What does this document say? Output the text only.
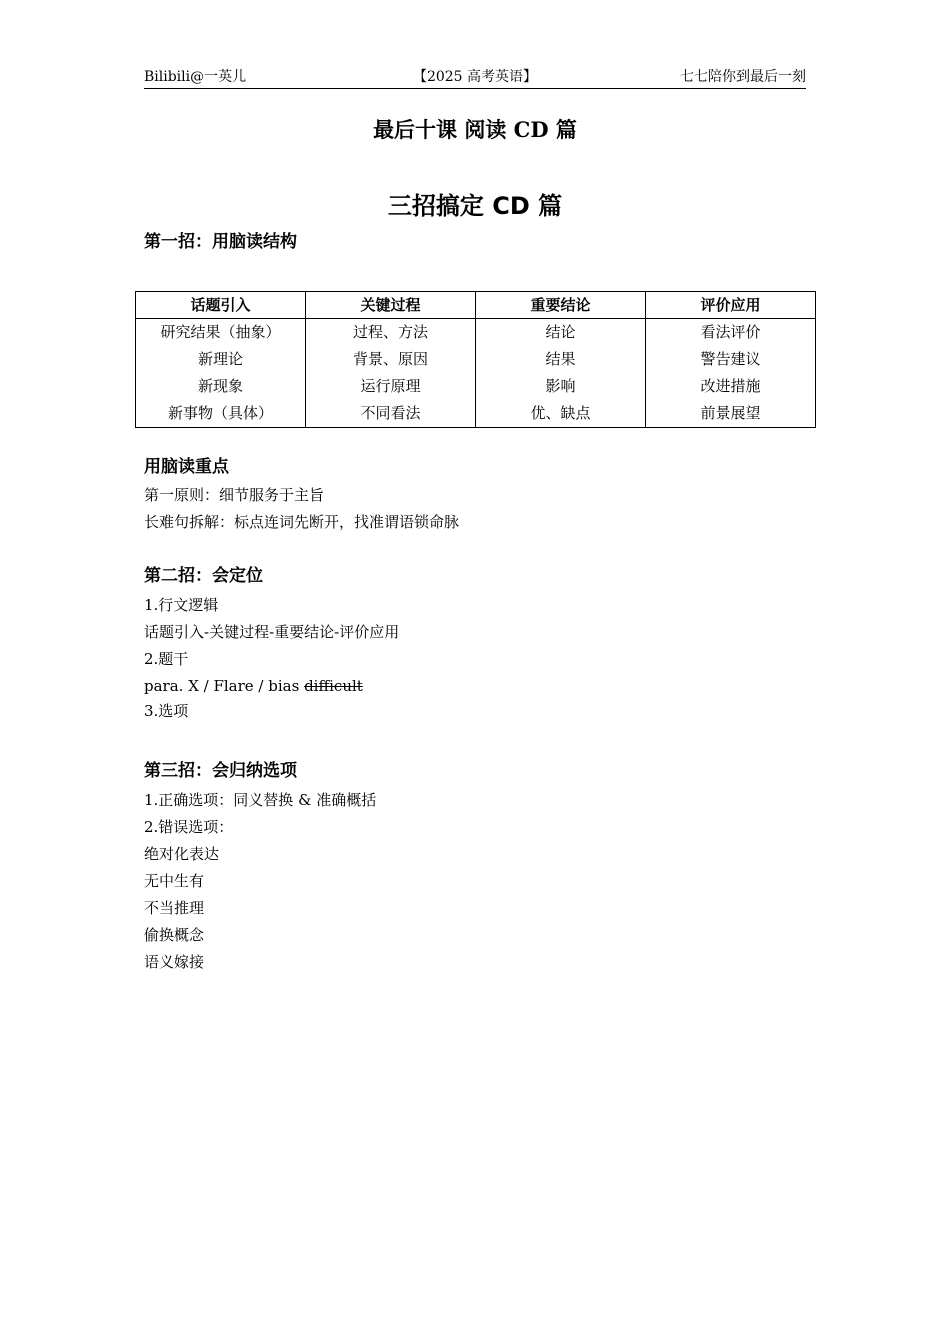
Bilibili@一英儿	【2025 高考英语】	七七陪你到最后一刻
最后十课 阅读 CD 篇
三招搞定 CD 篇
第一招：用脑读结构
话题引入	关键过程	重要结论	评价应用
研究结果（抽象）	过程、方法	结论	看法评价
新理论	背景、原因	结果	警告建议
新现象	运行原理	影响	改进措施
新事物（具体）	不同看法	优、缺点	前景展望
用脑读重点
第一原则：细节服务于主旨
长难句拆解：标点连词先断开，找准谓语锁命脉
第二招：会定位
1.行文逻辑
话题引入-关键过程-重要结论-评价应用
2.题干
para. X / Flare / bias difficult
3.选项
第三招：会归纳选项
1.正确选项：同义替换 & 准确概括
2.错误选项：
绝对化表达
无中生有
不当推理
偷换概念
语义嫁接
